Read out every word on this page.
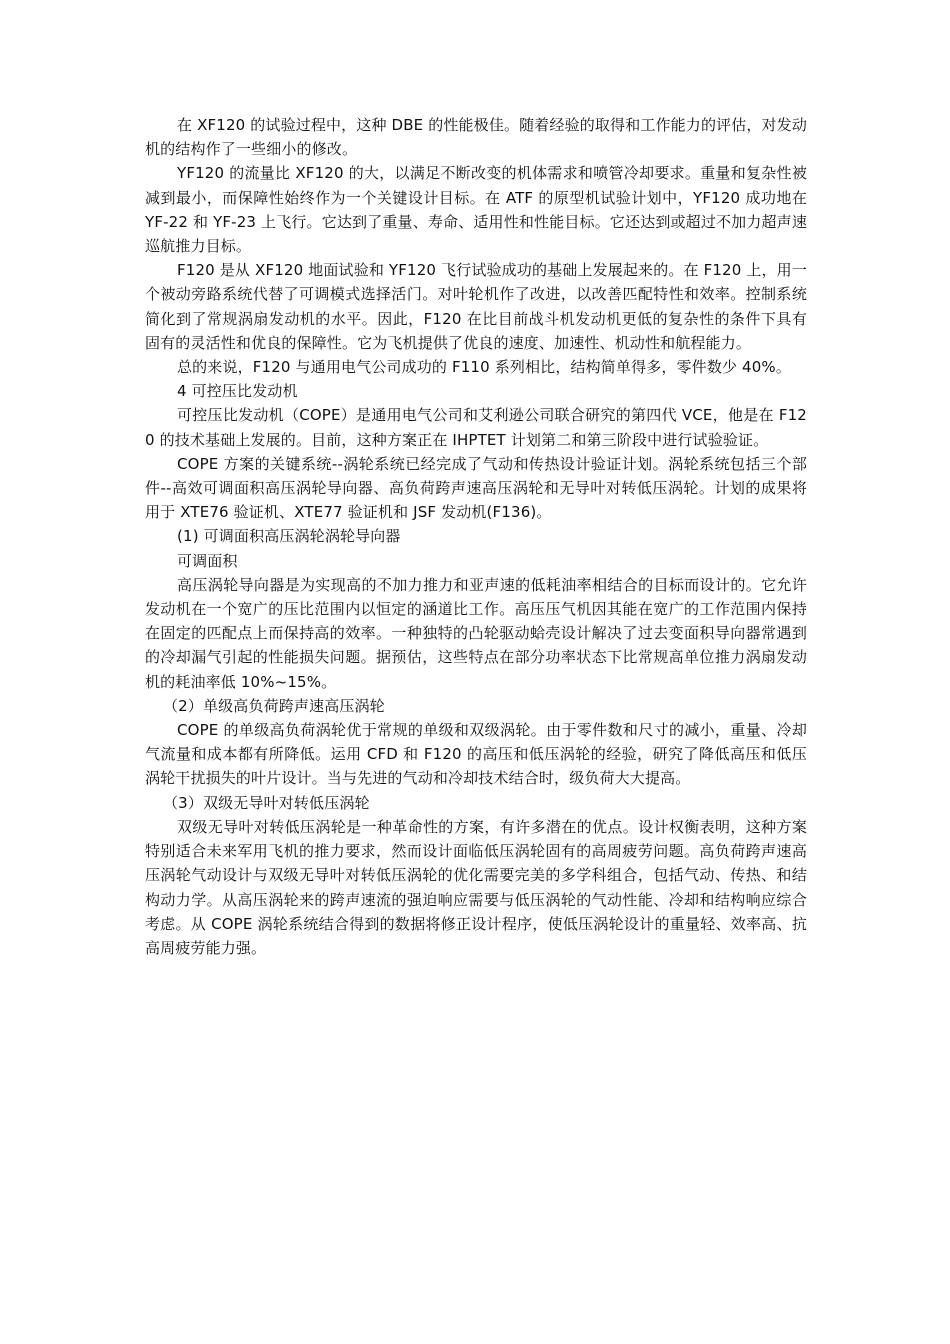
在 XF120 的试验过程中，这种 DBE 的性能极佳。随着经验的取得和工作能力的评估，对发动机的结构作了一些细小的修改。

YF120 的流量比 XF120 的大，以满足不断改变的机体需求和喷管冷却要求。重量和复杂性被减到最小，而保障性始终作为一个关键设计目标。在 ATF 的原型机试验计划中，YF120 成功地在 YF-22 和 YF-23 上飞行。它达到了重量、寿命、适用性和性能目标。它还达到或超过不加力超声速巡航推力目标。

F120 是从 XF120 地面试验和 YF120 飞行试验成功的基础上发展起来的。在 F120 上，用一个被动旁路系统代替了可调模式选择活门。对叶轮机作了改进，以改善匹配特性和效率。控制系统简化到了常规涡扇发动机的水平。因此，F120 在比目前战斗机发动机更低的复杂性的条件下具有固有的灵活性和优良的保障性。它为飞机提供了优良的速度、加速性、机动性和航程能力。

总的来说，F120 与通用电气公司成功的 F110 系列相比，结构简单得多，零件数少 40%。

4 可控压比发动机

可控压比发动机（COPE）是通用电气公司和艾利逊公司联合研究的第四代 VCE，他是在 F120 的技术基础上发展的。目前，这种方案正在 IHPTET 计划第二和第三阶段中进行试验验证。

COPE 方案的关键系统--涡轮系统已经完成了气动和传热设计验证计划。涡轮系统包括三个部件--高效可调面积高压涡轮导向器、高负荷跨声速高压涡轮和无导叶对转低压涡轮。计划的成果将用于 XTE76 验证机、XTE77 验证机和 JSF 发动机(F136)。

(1) 可调面积高压涡轮涡轮导向器

可调面积

高压涡轮导向器是为实现高的不加力推力和亚声速的低耗油率相结合的目标而设计的。它允许发动机在一个宽广的压比范围内以恒定的涵道比工作。高压压气机因其能在宽广的工作范围内保持在固定的匹配点上而保持高的效率。一种独特的凸轮驱动蛤壳设计解决了过去变面积导向器常遇到的冷却漏气引起的性能损失问题。据预估，这些特点在部分功率状态下比常规高单位推力涡扇发动机的耗油率低 10%~15%。

（2）单级高负荷跨声速高压涡轮

COPE 的单级高负荷涡轮优于常规的单级和双级涡轮。由于零件数和尺寸的减小，重量、冷却气流量和成本都有所降低。运用 CFD 和 F120 的高压和低压涡轮的经验，研究了降低高压和低压涡轮干扰损失的叶片设计。当与先进的气动和冷却技术结合时，级负荷大大提高。

（3）双级无导叶对转低压涡轮

双级无导叶对转低压涡轮是一种革命性的方案，有许多潜在的优点。设计权衡表明，这种方案特别适合未来军用飞机的推力要求，然而设计面临低压涡轮固有的高周疲劳问题。高负荷跨声速高压涡轮气动设计与双级无导叶对转低压涡轮的优化需要完美的多学科组合，包括气动、传热、和结构动力学。从高压涡轮来的跨声速流的强迫响应需要与低压涡轮的气动性能、冷却和结构响应综合考虑。从 COPE 涡轮系统结合得到的数据将修正设计程序，使低压涡轮设计的重量轻、效率高、抗高周疲劳能力强。
